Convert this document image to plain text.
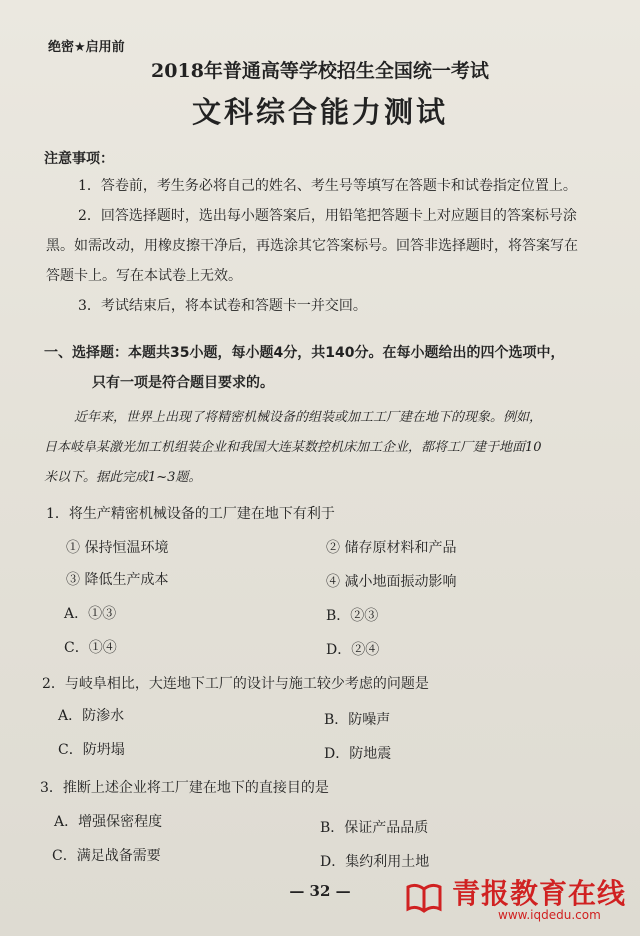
绝密★启用前
2018年普通高等学校招生全国统一考试
文科综合能力测试
注意事项：
1．答卷前，考生务必将自己的姓名、考生号等填写在答题卡和试卷指定位置上。
2．回答选择题时，选出每小题答案后，用铅笔把答题卡上对应题目的答案标号涂
黑。如需改动，用橡皮擦干净后，再选涂其它答案标号。回答非选择题时，将答案写在
答题卡上。写在本试卷上无效。
3．考试结束后，将本试卷和答题卡一并交回。
一、选择题：本题共35小题，每小题4分，共140分。在每小题给出的四个选项中，
只有一项是符合题目要求的。
近年来，世界上出现了将精密机械设备的组装或加工工厂建在地下的现象。例如，
日本岐阜某激光加工机组装企业和我国大连某数控机床加工企业，都将工厂建于地面10
米以下。据此完成1~3题。
1．将生产精密机械设备的工厂建在地下有利于
① 保持恒温环境	② 储存原材料和产品
③ 降低生产成本	④ 减小地面振动影响
A．①③	B．②③
C．①④	D．②④
2．与岐阜相比，大连地下工厂的设计与施工较少考虑的问题是
A．防渗水	B．防噪声
C．防坍塌	D．防地震
3．推断上述企业将工厂建在地下的直接目的是
A．增强保密程度	B．保证产品品质
C．满足战备需要	D．集约利用土地
— 32 —	青报教育在线
www.iqdedu.com
